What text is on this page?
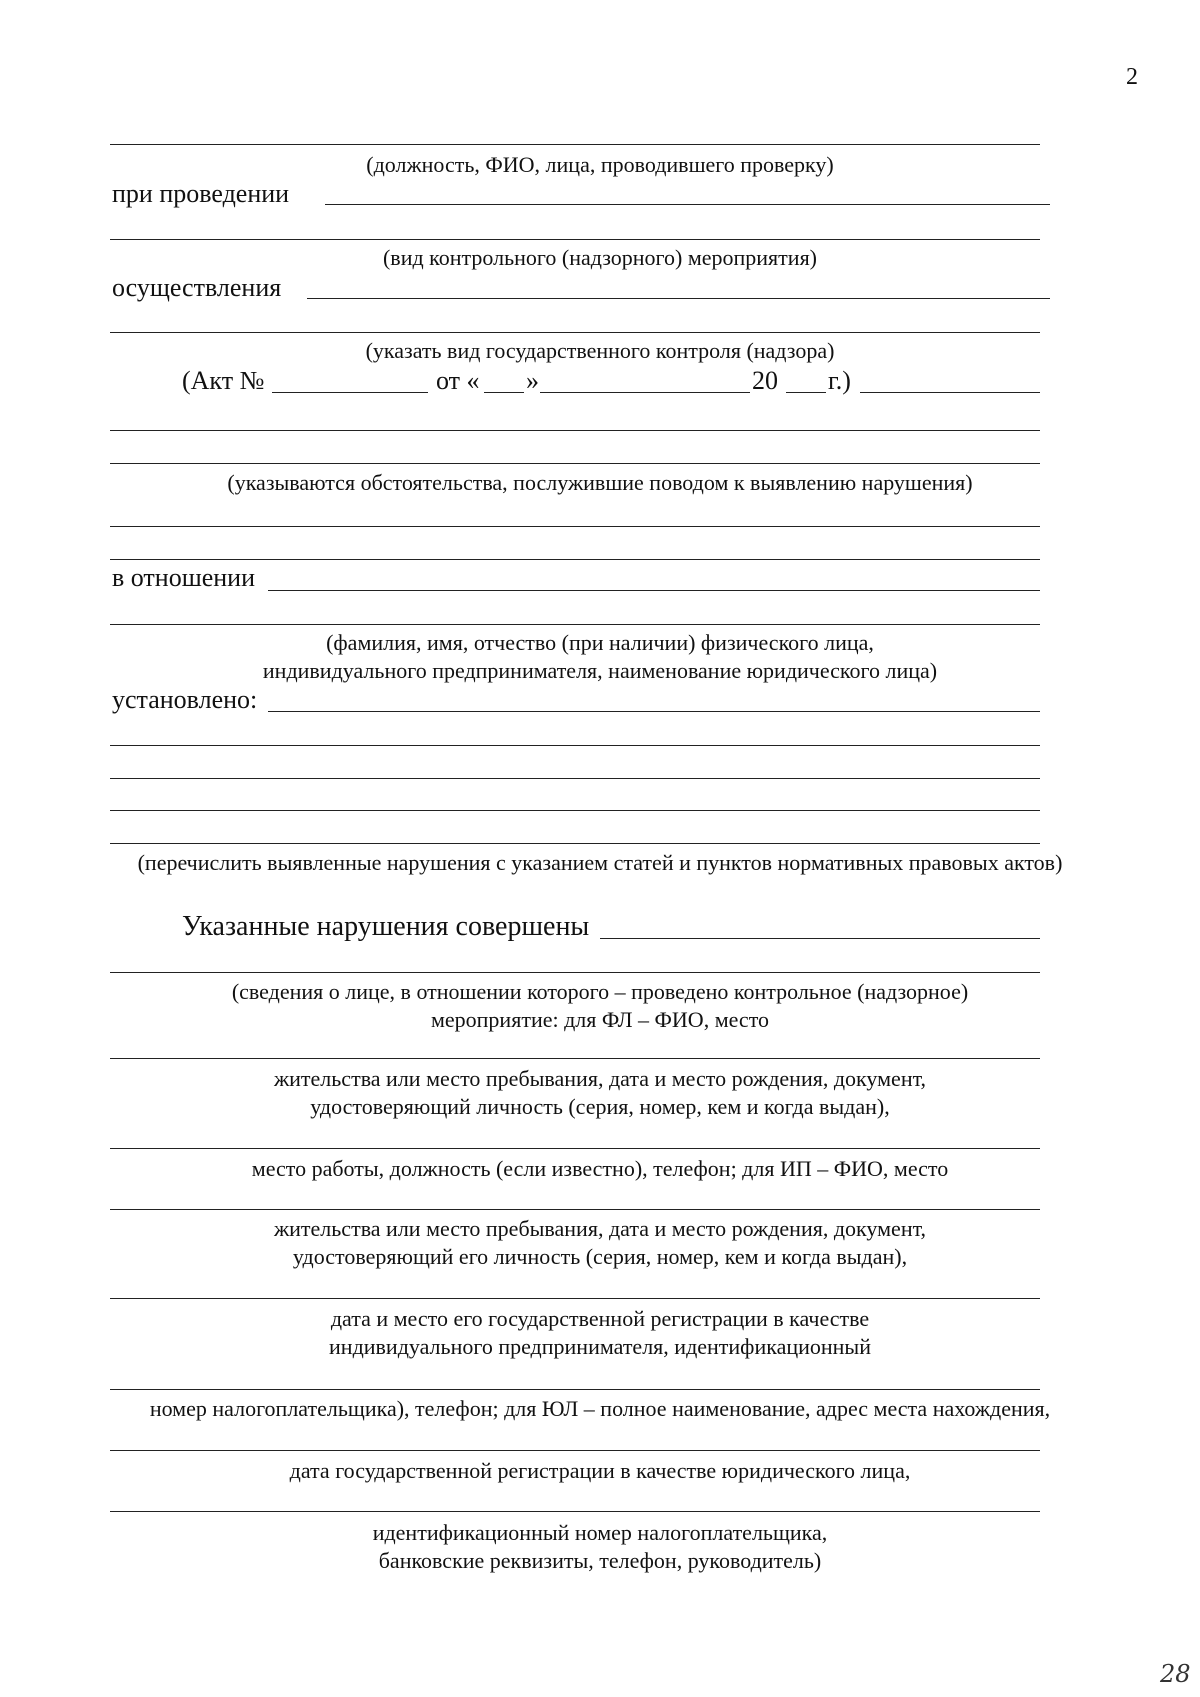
2
(должность, ФИО, лица, проводившего проверку)
при проведении
(вид контрольного (надзорного) мероприятия)
осуществления
(указать вид государственного контроля (надзора)
(Акт №	от « »	20 г.)
(указываются обстоятельства, послужившие поводом к выявлению нарушения)
в отношении
(фамилия, имя, отчество (при наличии) физического лица,
индивидуального предпринимателя, наименование юридического лица)
установлено:
(перечислить выявленные нарушения с указанием статей и пунктов нормативных правовых актов)
Указанные нарушения совершены
(сведения о лице, в отношении которого – проведено контрольное (надзорное)
мероприятие: для ФЛ – ФИО, место
жительства или место пребывания, дата и место рождения, документ,
удостоверяющий личность (серия, номер, кем и когда выдан),
место работы, должность (если известно), телефон; для ИП – ФИО, место
жительства или место пребывания, дата и место рождения, документ,
удостоверяющий его личность (серия, номер, кем и когда выдан),
дата и место его государственной регистрации в качестве
индивидуального предпринимателя, идентификационный
номер налогоплательщика), телефон; для ЮЛ – полное наименование, адрес места нахождения,
дата государственной регистрации в качестве юридического лица,
идентификационный номер налогоплательщика,
банковские реквизиты, телефон, руководитель)
28
